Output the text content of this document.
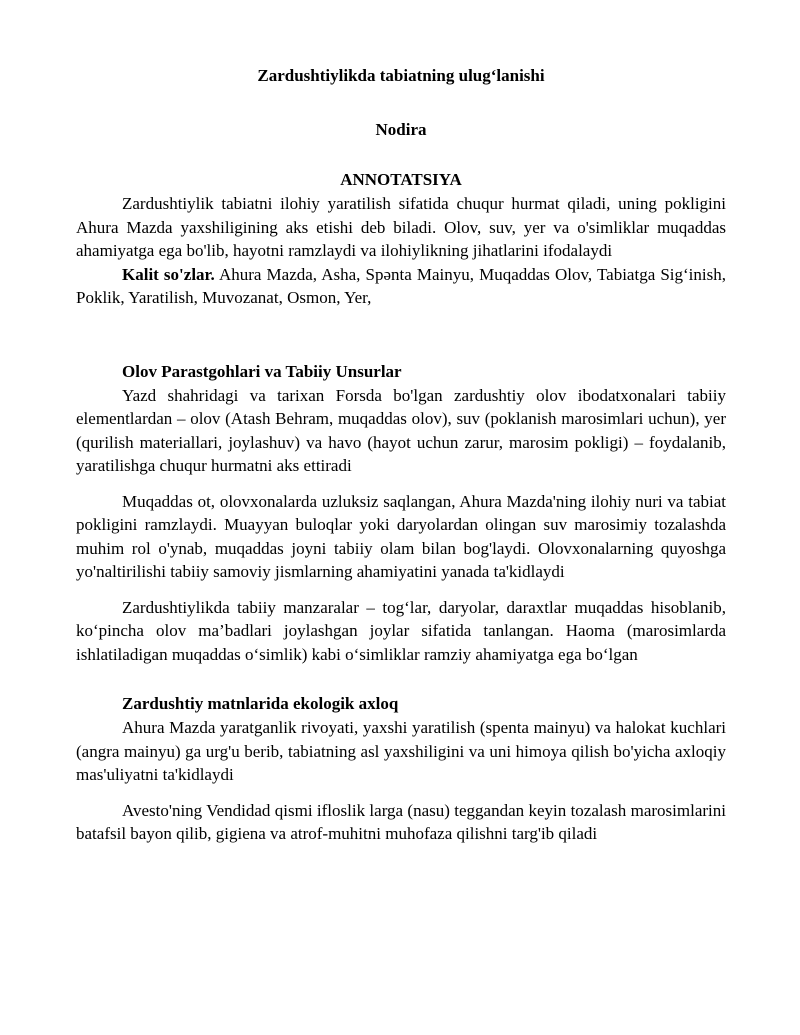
Zardushtiylikda tabiatning ulug‘lanishi

Nodira

ANNOTATSIYA

Zardushtiylik tabiatni ilohiy yaratilish sifatida chuqur hurmat qiladi, uning pokligini Ahura Mazda yaxshiligining aks etishi deb biladi. Olov, suv, yer va o'simliklar muqaddas ahamiyatga ega bo'lib, hayotni ramzlaydi va ilohiylikning jihatlarini ifodalaydi

Kalit so'zlar. Ahura Mazda, Asha, Spənta Mainyu, Muqaddas Olov, Tabiatga Sig‘inish, Poklik, Yaratilish, Muvozanat, Osmon, Yer,

Olov Parastgohlari va Tabiiy Unsurlar

Yazd shahridagi va tarixan Forsda bo'lgan zardushtiy olov ibodatxonalari tabiiy elementlardan – olov (Atash Behram, muqaddas olov), suv (poklanish marosimlari uchun), yer (qurilish materiallari, joylashuv) va havo (hayot uchun zarur, marosim pokligi) – foydalanib, yaratilishga chuqur hurmatni aks ettiradi

Muqaddas ot, olovxonalarda uzluksiz saqlangan, Ahura Mazda'ning ilohiy nuri va tabiat pokligini ramzlaydi. Muayyan buloqlar yoki daryolardan olingan suv marosimiy tozalashda muhim rol o'ynab, muqaddas joyni tabiiy olam bilan bog'laydi. Olovxonalarning quyoshga yo'naltirilishi tabiiy samoviy jismlarning ahamiyatini yanada ta'kidlaydi

Zardushtiylikda tabiiy manzaralar – tog‘lar, daryolar, daraxtlar muqaddas hisoblanib, ko‘pincha olov ma’badlari joylashgan joylar sifatida tanlangan. Haoma (marosimlarda ishlatiladigan muqaddas o‘simlik) kabi o‘simliklar ramziy ahamiyatga ega bo‘lgan

Zardushtiy matnlarida ekologik axloq

Ahura Mazda yaratganlik rivoyati, yaxshi yaratilish (spenta mainyu) va halokat kuchlari (angra mainyu) ga urg'u berib, tabiatning asl yaxshiligini va uni himoya qilish bo'yicha axloqiy mas'uliyatni ta'kidlaydi

Avesto'ning Vendidad qismi ifloslik larga (nasu) teggandan keyin tozalash marosimlarini batafsil bayon qilib, gigiena va atrof-muhitni muhofaza qilishni targ'ib qiladi
